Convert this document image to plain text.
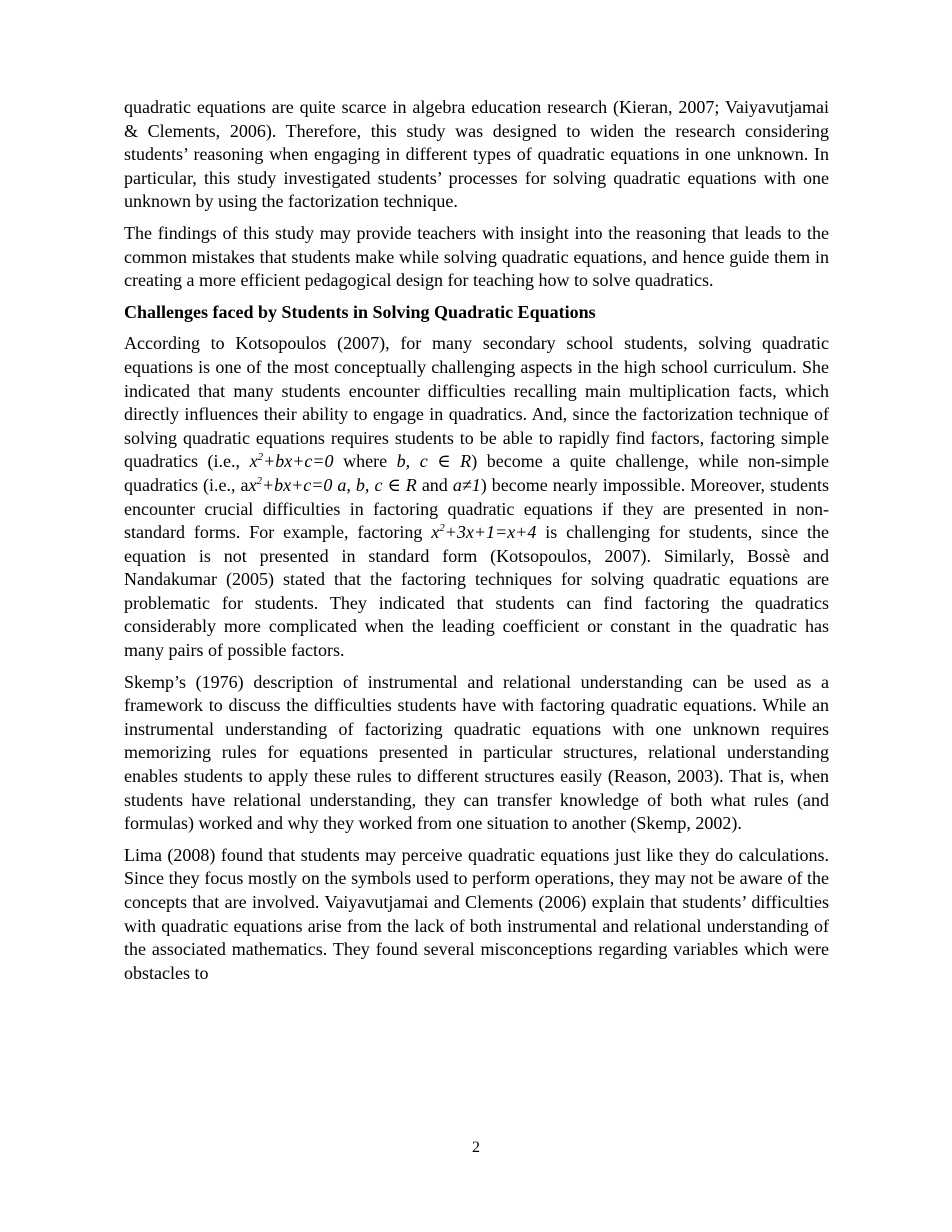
quadratic equations are quite scarce in algebra education research (Kieran, 2007; Vaiyavutjamai & Clements, 2006). Therefore, this study was designed to widen the research considering students’ reasoning when engaging in different types of quadratic equations in one unknown. In particular, this study investigated students’ processes for solving quadratic equations with one unknown by using the factorization technique.

The findings of this study may provide teachers with insight into the reasoning that leads to the common mistakes that students make while solving quadratic equations, and hence guide them in creating a more efficient pedagogical design for teaching how to solve quadratics.

Challenges faced by Students in Solving Quadratic Equations

According to Kotsopoulos (2007), for many secondary school students, solving quadratic equations is one of the most conceptually challenging aspects in the high school curriculum. She indicated that many students encounter difficulties recalling main multiplication facts, which directly influences their ability to engage in quadratics. And, since the factorization technique of solving quadratic equations requires students to be able to rapidly find factors, factoring simple quadratics (i.e., $x^2+bx+c=0$ where b, c ∈ R) become a quite challenge, while non-simple quadratics (i.e., $ax^2+bx+c=0$ a, b, c ∈ R and a≠1) become nearly impossible. Moreover, students encounter crucial difficulties in factoring quadratic equations if they are presented in non-standard forms. For example, factoring $x^2+3x+1=x+4$ is challenging for students, since the equation is not presented in standard form (Kotsopoulos, 2007). Similarly, Bossè and Nandakumar (2005) stated that the factoring techniques for solving quadratic equations are problematic for students. They indicated that students can find factoring the quadratics considerably more complicated when the leading coefficient or constant in the quadratic has many pairs of possible factors.

Skemp’s (1976) description of instrumental and relational understanding can be used as a framework to discuss the difficulties students have with factoring quadratic equations. While an instrumental understanding of factorizing quadratic equations with one unknown requires memorizing rules for equations presented in particular structures, relational understanding enables students to apply these rules to different structures easily (Reason, 2003). That is, when students have relational understanding, they can transfer knowledge of both what rules (and formulas) worked and why they worked from one situation to another (Skemp, 2002).

Lima (2008) found that students may perceive quadratic equations just like they do calculations. Since they focus mostly on the symbols used to perform operations, they may not be aware of the concepts that are involved. Vaiyavutjamai and Clements (2006) explain that students’ difficulties with quadratic equations arise from the lack of both instrumental and relational understanding of the associated mathematics. They found several misconceptions regarding variables which were obstacles to

2
